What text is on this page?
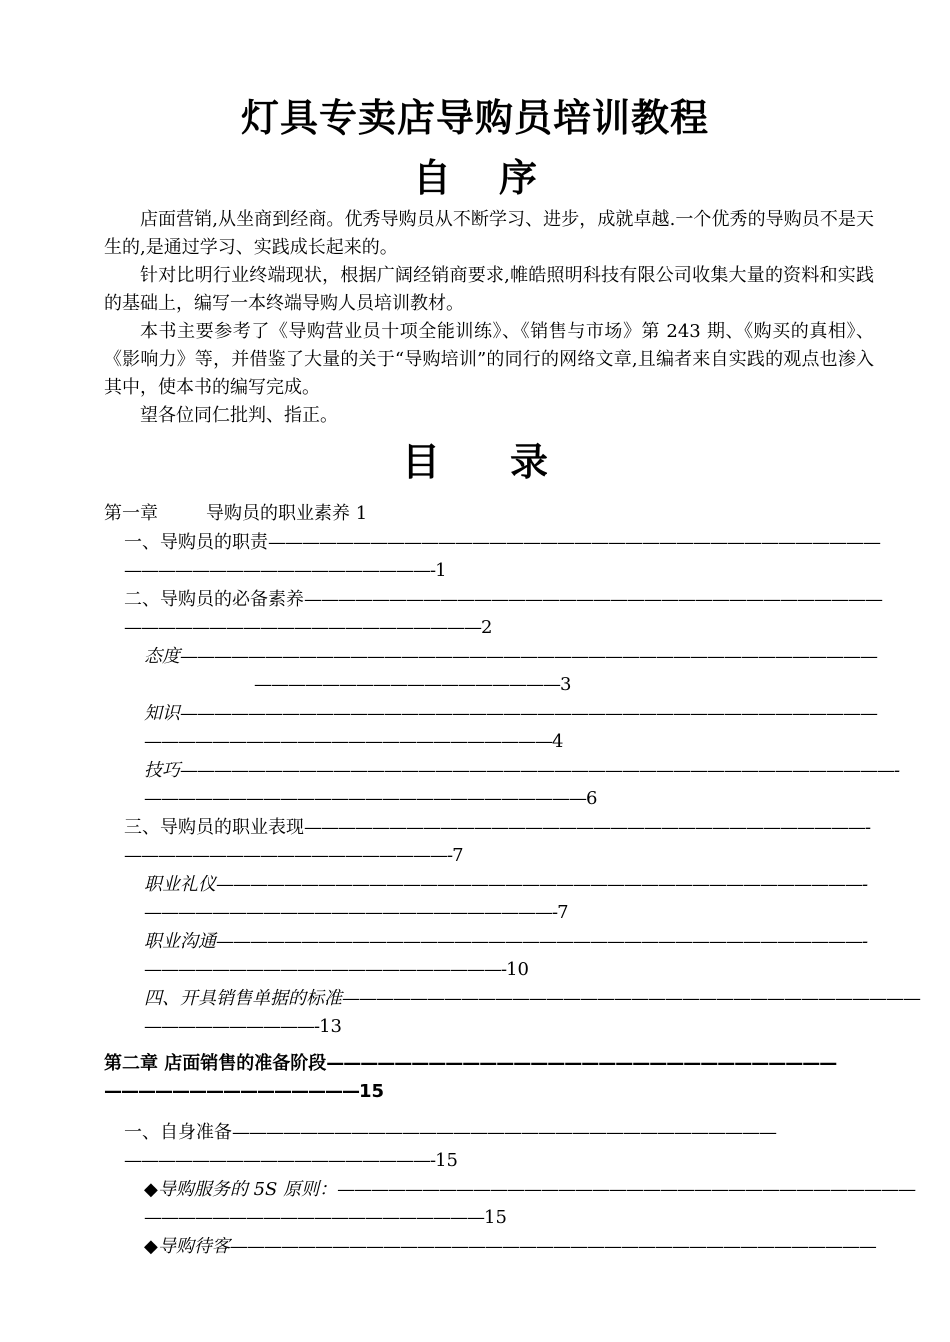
灯具专卖店导购员培训教程
自 序

店面营销,从坐商到经商。优秀导购员从不断学习、进步，成就卓越.一个优秀的导购员不是天生的,是通过学习、实践成长起来的。

针对比明行业终端现状，根据广阔经销商要求,帷皓照明科技有限公司收集大量的资料和实践的基础上，编写一本终端导购人员培训教材。

本书主要参考了《导购营业员十项全能训练》、《销售与市场》第 243 期、《购买的真相》、《影响力》等，并借鉴了大量的关于“导购培训”的同行的网络文章,且编者来自实践的观点也渗入其中，使本书的编写完成。

望各位同仁批判、指正。

目 录
第一章	导购员的职业素养 1
一、导购员的职责————————————————————————————————————
——————————————————-1
二、导购员的必备素养——————————————————————————————————
—————————————————————2
态度—————————————————————————————————————————
——————————————————3
知识—————————————————————————————————————————
————————————————————————4
技巧——————————————————————————————————————————-
——————————————————————————6
三、导购员的职业表现—————————————————————————————————-
———————————————————-7
职业礼仪——————————————————————————————————————-
————————————————————————-7
职业沟通——————————————————————————————————————-
—————————————————————-10
四、开具销售单据的标准——————————————————————————————————
——————————-13
第二章 店面销售的准备阶段——————————————————————————————
———————————————15
一、自身准备————————————————————————————————
——————————————————-15
◆导购服务的 5S 原则：——————————————————————————————————
————————————————————15
◆导购待客——————————————————————————————————————
